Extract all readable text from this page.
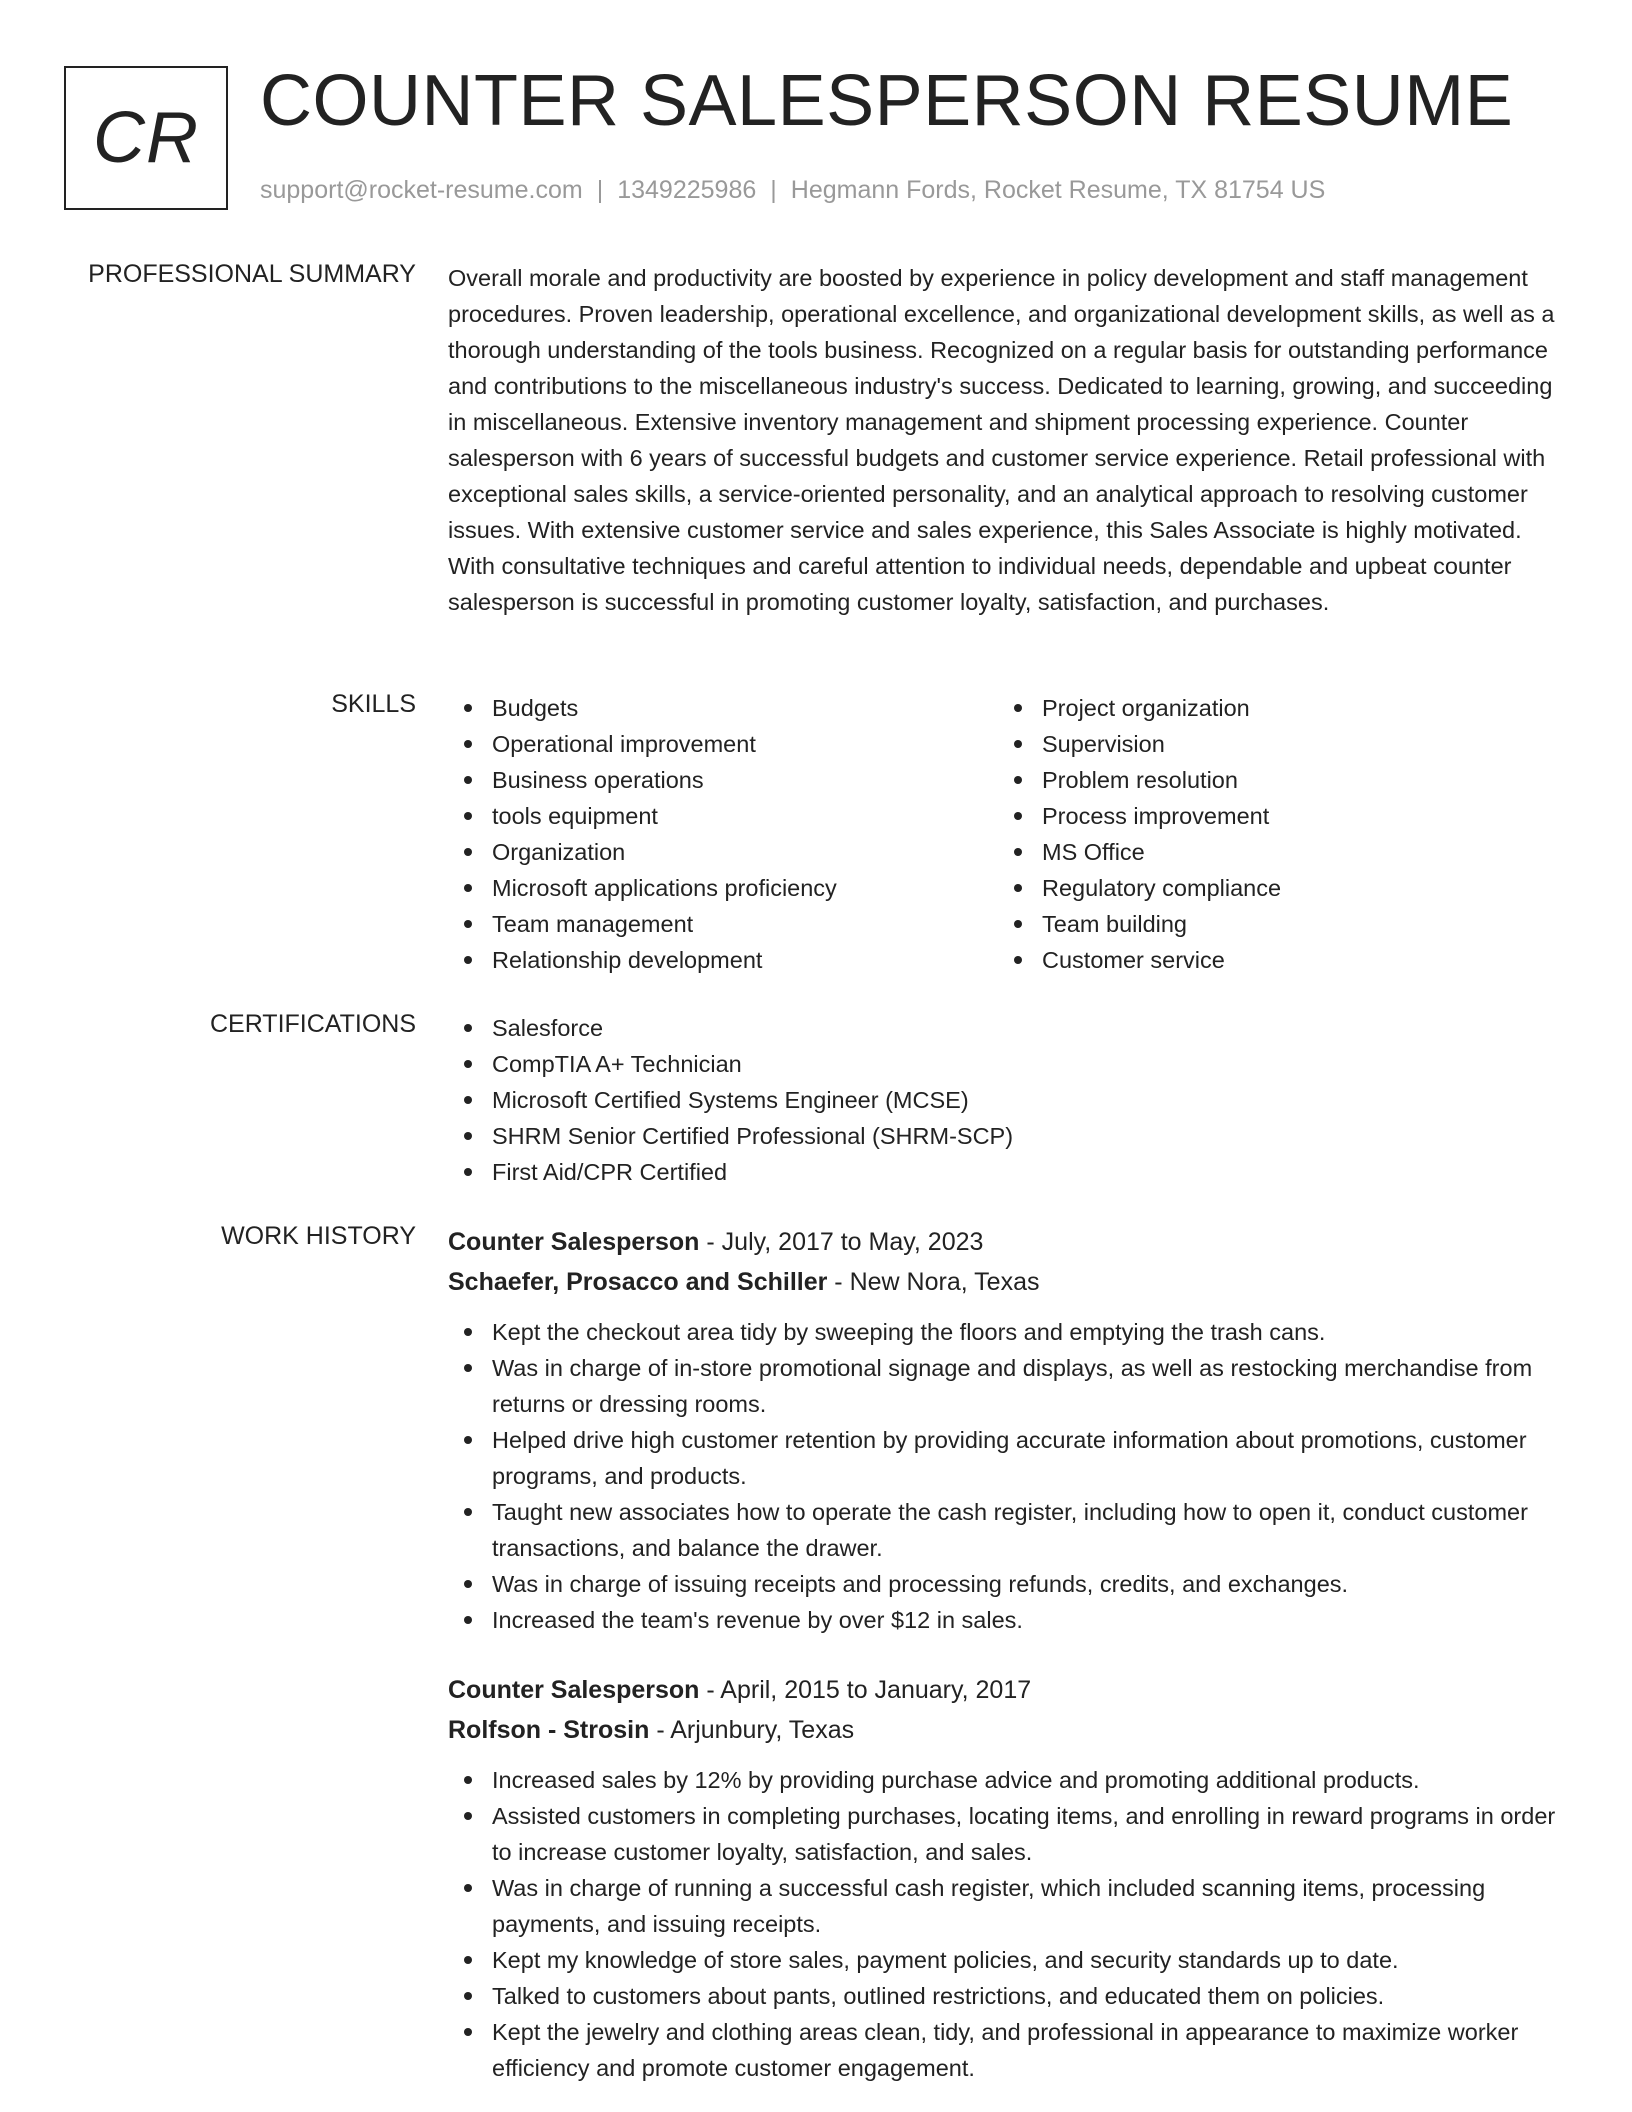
CR COUNTER SALESPERSON RESUME
support@rocket-resume.com | 1349225986 | Hegmann Fords, Rocket Resume, TX 81754 US
PROFESSIONAL SUMMARY Overall morale and productivity are boosted by experience in policy development and staff management procedures. Proven leadership, operational excellence, and organizational development skills, as well as a thorough understanding of the tools business. Recognized on a regular basis for outstanding performance and contributions to the miscellaneous industry's success. Dedicated to learning, growing, and succeeding in miscellaneous. Extensive inventory management and shipment processing experience. Counter salesperson with 6 years of successful budgets and customer service experience. Retail professional with exceptional sales skills, a service-oriented personality, and an analytical approach to resolving customer issues. With extensive customer service and sales experience, this Sales Associate is highly motivated. With consultative techniques and careful attention to individual needs, dependable and upbeat counter salesperson is successful in promoting customer loyalty, satisfaction, and purchases.
SKILLS	Budgets
Operational improvement
Business operations
tools equipment
Organization
Microsoft applications proficiency
Team management
Relationship development
Project organization
Supervision
Problem resolution
Process improvement
MS Office
Regulatory compliance
Team building
Customer service
CERTIFICATIONS	Salesforce
CompTIA A+ Technician
Microsoft Certified Systems Engineer (MCSE)
SHRM Senior Certified Professional (SHRM-SCP)
First Aid/CPR Certified
WORK HISTORY Counter Salesperson - July, 2017 to May, 2023
Schaefer, Prosacco and Schiller - New Nora, Texas
Kept the checkout area tidy by sweeping the floors and emptying the trash cans.
Was in charge of in-store promotional signage and displays, as well as restocking merchandise from returns or dressing rooms.
Helped drive high customer retention by providing accurate information about promotions, customer programs, and products.
Taught new associates how to operate the cash register, including how to open it, conduct customer transactions, and balance the drawer.
Was in charge of issuing receipts and processing refunds, credits, and exchanges.
Increased the team's revenue by over $12 in sales.
Counter Salesperson - April, 2015 to January, 2017
Rolfson - Strosin - Arjunbury, Texas
Increased sales by 12% by providing purchase advice and promoting additional products.
Assisted customers in completing purchases, locating items, and enrolling in reward programs in order to increase customer loyalty, satisfaction, and sales.
Was in charge of running a successful cash register, which included scanning items, processing payments, and issuing receipts.
Kept my knowledge of store sales, payment policies, and security standards up to date.
Talked to customers about pants, outlined restrictions, and educated them on policies.
Kept the jewelry and clothing areas clean, tidy, and professional in appearance to maximize worker efficiency and promote customer engagement.
